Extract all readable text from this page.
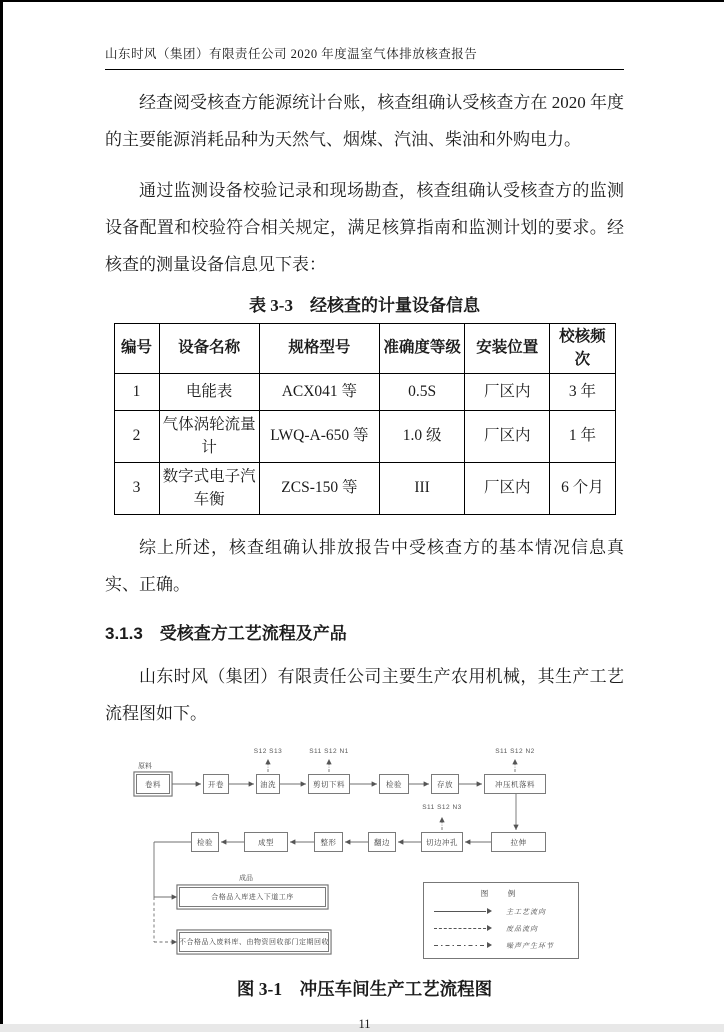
山东时风（集团）有限责任公司 2020 年度温室气体排放核查报告

经查阅受核查方能源统计台账，核查组确认受核查方在 2020 年度的主要能源消耗品种为天然气、烟煤、汽油、柴油和外购电力。

通过监测设备校验记录和现场勘查，核查组确认受核查方的监测设备配置和校验符合相关规定，满足核算指南和监测计划的要求。经核查的测量设备信息见下表：

表 3-3　经核查的计量设备信息
编号	设备名称	规格型号	准确度等级	安装位置	校核频次
1	电能表	ACX041 等	0.5S	厂区内	3 年
2	气体涡轮流量计	LWQ-A-650 等	1.0 级	厂区内	1 年
3	数字式电子汽车衡	ZCS-150 等	III	厂区内	6 个月

综上所述，核查组确认排放报告中受核查方的基本情况信息真实、正确。

3.1.3　受核查方工艺流程及产品

山东时风（集团）有限责任公司主要生产农用机械，其生产工艺流程图如下。

原料
S12 S13	S11 S12 N1	S11 S12 N2
S11 S12 N3
成品
卷料	开卷	油洗	剪切下料	检验	存放	冲压机落料
检验	成型	整形	翻边	切边冲孔	拉伸
合格品入库进入下道工序
不合格品入废料库、由物资回收部门定期回收
图　例
主工艺流向
废品流向
噪声产生环节
图 3-1　冲压车间生产工艺流程图
11
